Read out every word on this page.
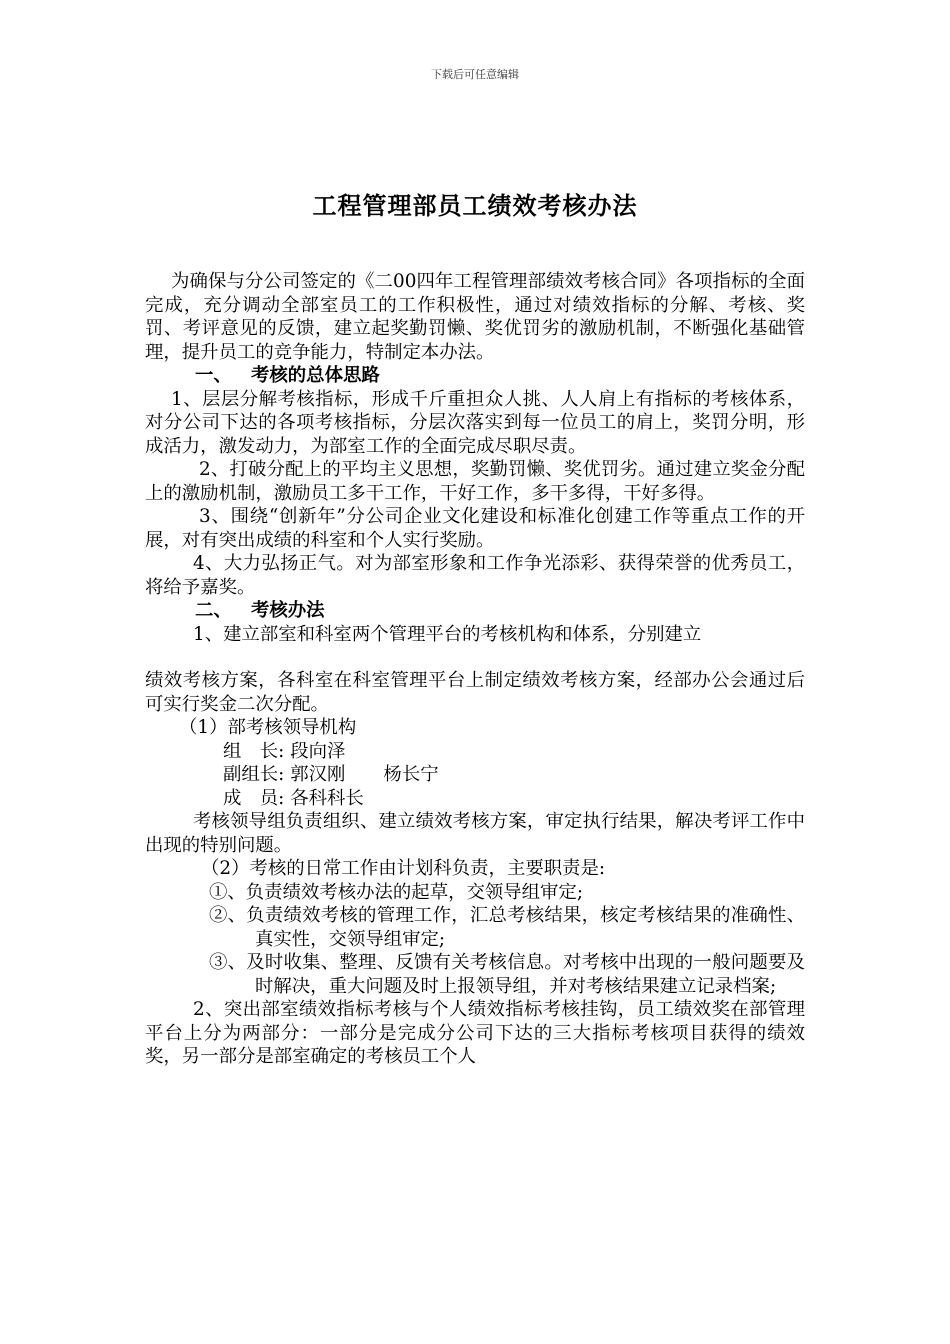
下载后可任意编辑
工程管理部员工绩效考核办法

为确保与分公司签定的《二00四年工程管理部绩效考核合同》各项指标的全面完成，充分调动全部室员工的工作积极性，通过对绩效指标的分解、考核、奖罚、考评意见的反馈，建立起奖勤罚懒、奖优罚劣的激励机制，不断强化基础管理，提升员工的竞争能力，特制定本办法。

一、 考核的总体思路

1、层层分解考核指标，形成千斤重担众人挑、人人肩上有指标的考核体系，对分公司下达的各项考核指标，分层次落实到每一位员工的肩上，奖罚分明，形成活力，激发动力，为部室工作的全面完成尽职尽责。

2、打破分配上的平均主义思想，奖勤罚懒、奖优罚劣。通过建立奖金分配上的激励机制，激励员工多干工作，干好工作，多干多得，干好多得。

3、围绕“创新年”分公司企业文化建设和标准化创建工作等重点工作的开展，对有突出成绩的科室和个人实行奖励。

4、大力弘扬正气。对为部室形象和工作争光添彩、获得荣誉的优秀员工，将给予嘉奖。

二、 考核办法

1、建立部室和科室两个管理平台的考核机构和体系，分别建立

绩效考核方案，各科室在科室管理平台上制定绩效考核方案，经部办公会通过后可实行奖金二次分配。

（1）部考核领导机构

组　长: 段向泽

副组长: 郭汉刚 杨长宁

成　员: 各科科长

考核领导组负责组织、建立绩效考核方案，审定执行结果，解决考评工作中出现的特别问题。

（2）考核的日常工作由计划科负责，主要职责是:

①、负责绩效考核办法的起草，交领导组审定;

②、负责绩效考核的管理工作，汇总考核结果，核定考核结果的准确性、真实性，交领导组审定;

③、及时收集、整理、反馈有关考核信息。对考核中出现的一般问题要及时解决，重大问题及时上报领导组，并对考核结果建立记录档案;

2、突出部室绩效指标考核与个人绩效指标考核挂钩，员工绩效奖在部管理平台上分为两部分：一部分是完成分公司下达的三大指标考核项目获得的绩效奖，另一部分是部室确定的考核员工个人
